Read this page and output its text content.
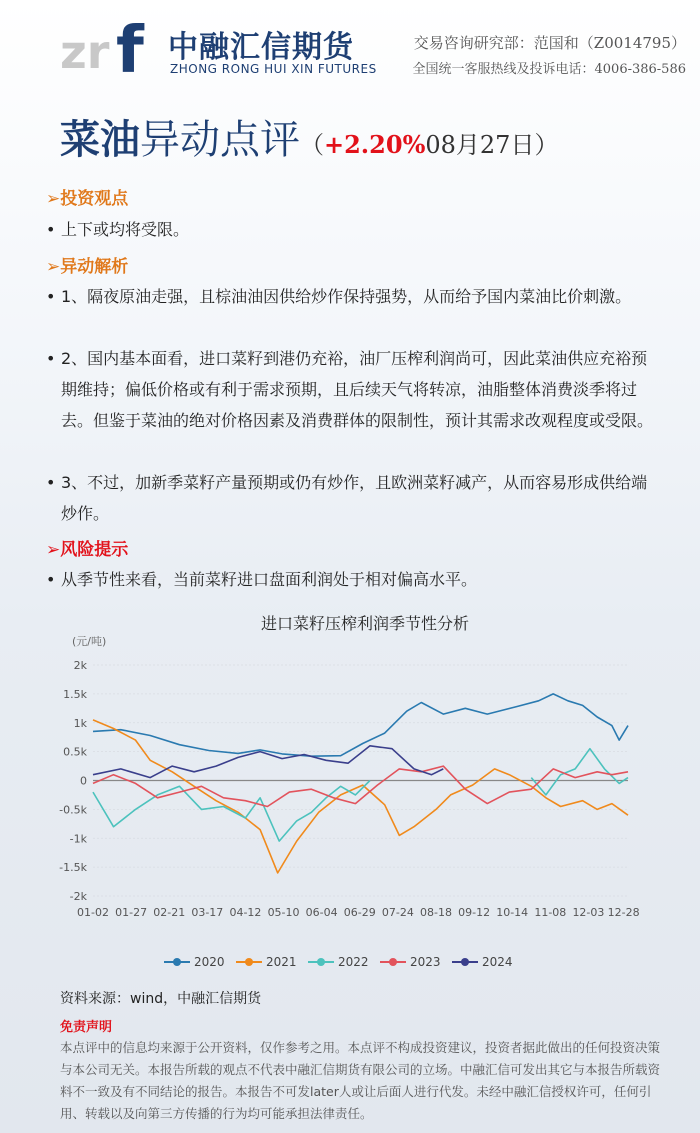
zr f 中融汇信期货
ZHONG RONG HUI XIN FUTURES
交易咨询研究部：范国和（Z0014795）
全国统一客服热线及投诉电话：4006-386-586
菜油异动点评（+2.20%08月27日）
➢投资观点
• 上下或均将受限。
➢异动解析
• 1、隔夜原油走强，且棕油油因供给炒作保持强势，从而给予国内菜油比价刺激。
• 2、国内基本面看，进口菜籽到港仍充裕，油厂压榨利润尚可，因此菜油供应充裕预期维持；偏低价格或有利于需求预期，且后续天气将转凉，油脂整体消费淡季将过去。但鉴于菜油的绝对价格因素及消费群体的限制性，预计其需求改观程度或受限。
• 3、不过，加新季菜籽产量预期或仍有炒作，且欧洲菜籽减产，从而容易形成供给端炒作。
➢风险提示
• 从季节性来看，当前菜籽进口盘面利润处于相对偏高水平。
进口菜籽压榨利润季节性分析
(元/吨)
-2k
-1.5k
-1k
-0.5k
0
0.5k
1k
1.5k
2k
01-02 01-27 02-21 03-17 04-12 05-10 06-04 06-29 07-24 08-18 09-12 10-14 11-08 12-03 12-28
2020	2021	2022	2023	2024
资料来源：wind，中融汇信期货
免责声明
本点评中的信息均来源于公开资料，仅作参考之用。本点评不构成投资建议，投资者据此做出的任何投资决策与本公司无关。本报告所载的观点不代表中融汇信期货有限公司的立场。中融汇信可发出其它与本报告所载资料不一致及有不同结论的报告。本报告不可发later人或让后面人进行代发。未经中融汇信授权许可，任何引用、转载以及向第三方传播的行为均可能承担法律责任。
